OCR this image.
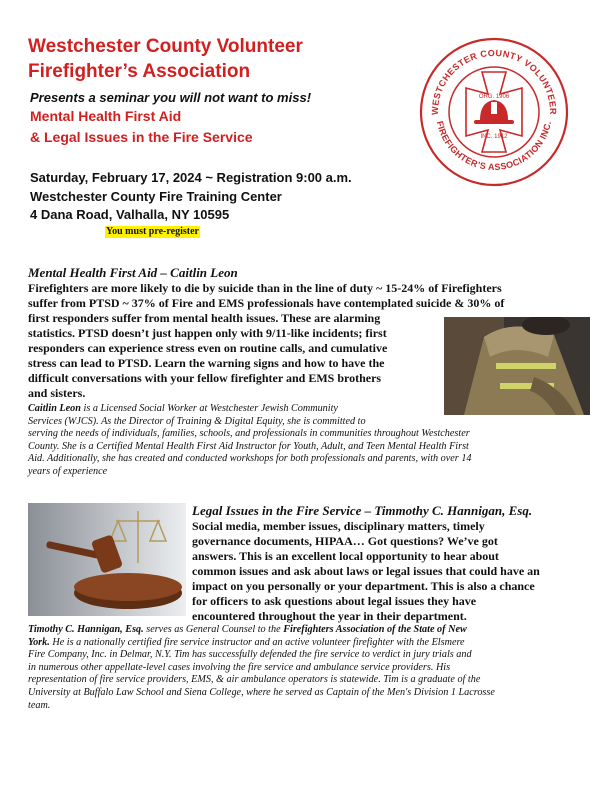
Westchester County Volunteer
Firefighter’s Association
Presents a seminar you will not want to miss!
Mental Health First Aid
& Legal Issues in the Fire Service
WESTCHESTER COUNTY VOLUNTEER
FIREFIGHTER’S ASSOCIATION INC.
ORG. 1906
INC. 1912
Saturday, February 17, 2024 ~ Registration 9:00 a.m.
Westchester County Fire Training Center
4 Dana Road, Valhalla, NY 10595
You must pre-register
Mental Health First Aid – Caitlin Leon
Firefighters are more likely to die by suicide than in the line of duty ~ 15-24% of Firefighters
suffer from PTSD ~ 37% of Fire and EMS professionals have contemplated suicide & 30% of
first responders suffer from mental health issues. These are alarming
statistics. PTSD doesn’t just happen only with 9/11-like incidents; first
responders can experience stress even on routine calls, and cumulative
stress can lead to PTSD. Learn the warning signs and how to have the
difficult conversations with your fellow firefighter and EMS brothers
and sisters.

Caitlin Leon is a Licensed Social Worker at Westchester Jewish Community

Services (WJCS). As the Director of Training & Digital Equity, she is committed to

serving the needs of individuals, families, schools, and professionals in communities throughout Westchester

County. She is a Certified Mental Health First Aid Instructor for Youth, Adult, and Teen Mental Health First

Aid. Additionally, she has created and conducted workshops for both professionals and parents, with over 14

years of experience

Legal Issues in the Fire Service – Timmothy C. Hannigan, Esq.
Social media, member issues, disciplinary matters, timely
governance documents, HIPAA… Got questions? We’ve got
answers. This is an excellent local opportunity to hear about
common issues and ask about laws or legal issues that could have an
impact on you personally or your department. This is also a chance
for officers to ask questions about legal issues they have
encountered throughout the year in their department.

Timothy C. Hannigan, Esq. serves as General Counsel to the Firefighters Association of the State of New

York. He is a nationally certified fire service instructor and an active volunteer firefighter with the Elsmere

Fire Company, Inc. in Delmar, N.Y. Tim has successfully defended the fire service to verdict in jury trials and

in numerous other appellate-level cases involving the fire service and ambulance service providers. His

representation of fire service providers, EMS, & air ambulance operators is statewide. Tim is a graduate of the

University at Buffalo Law School and Siena College, where he served as Captain of the Men's Division 1 Lacrosse

team.
